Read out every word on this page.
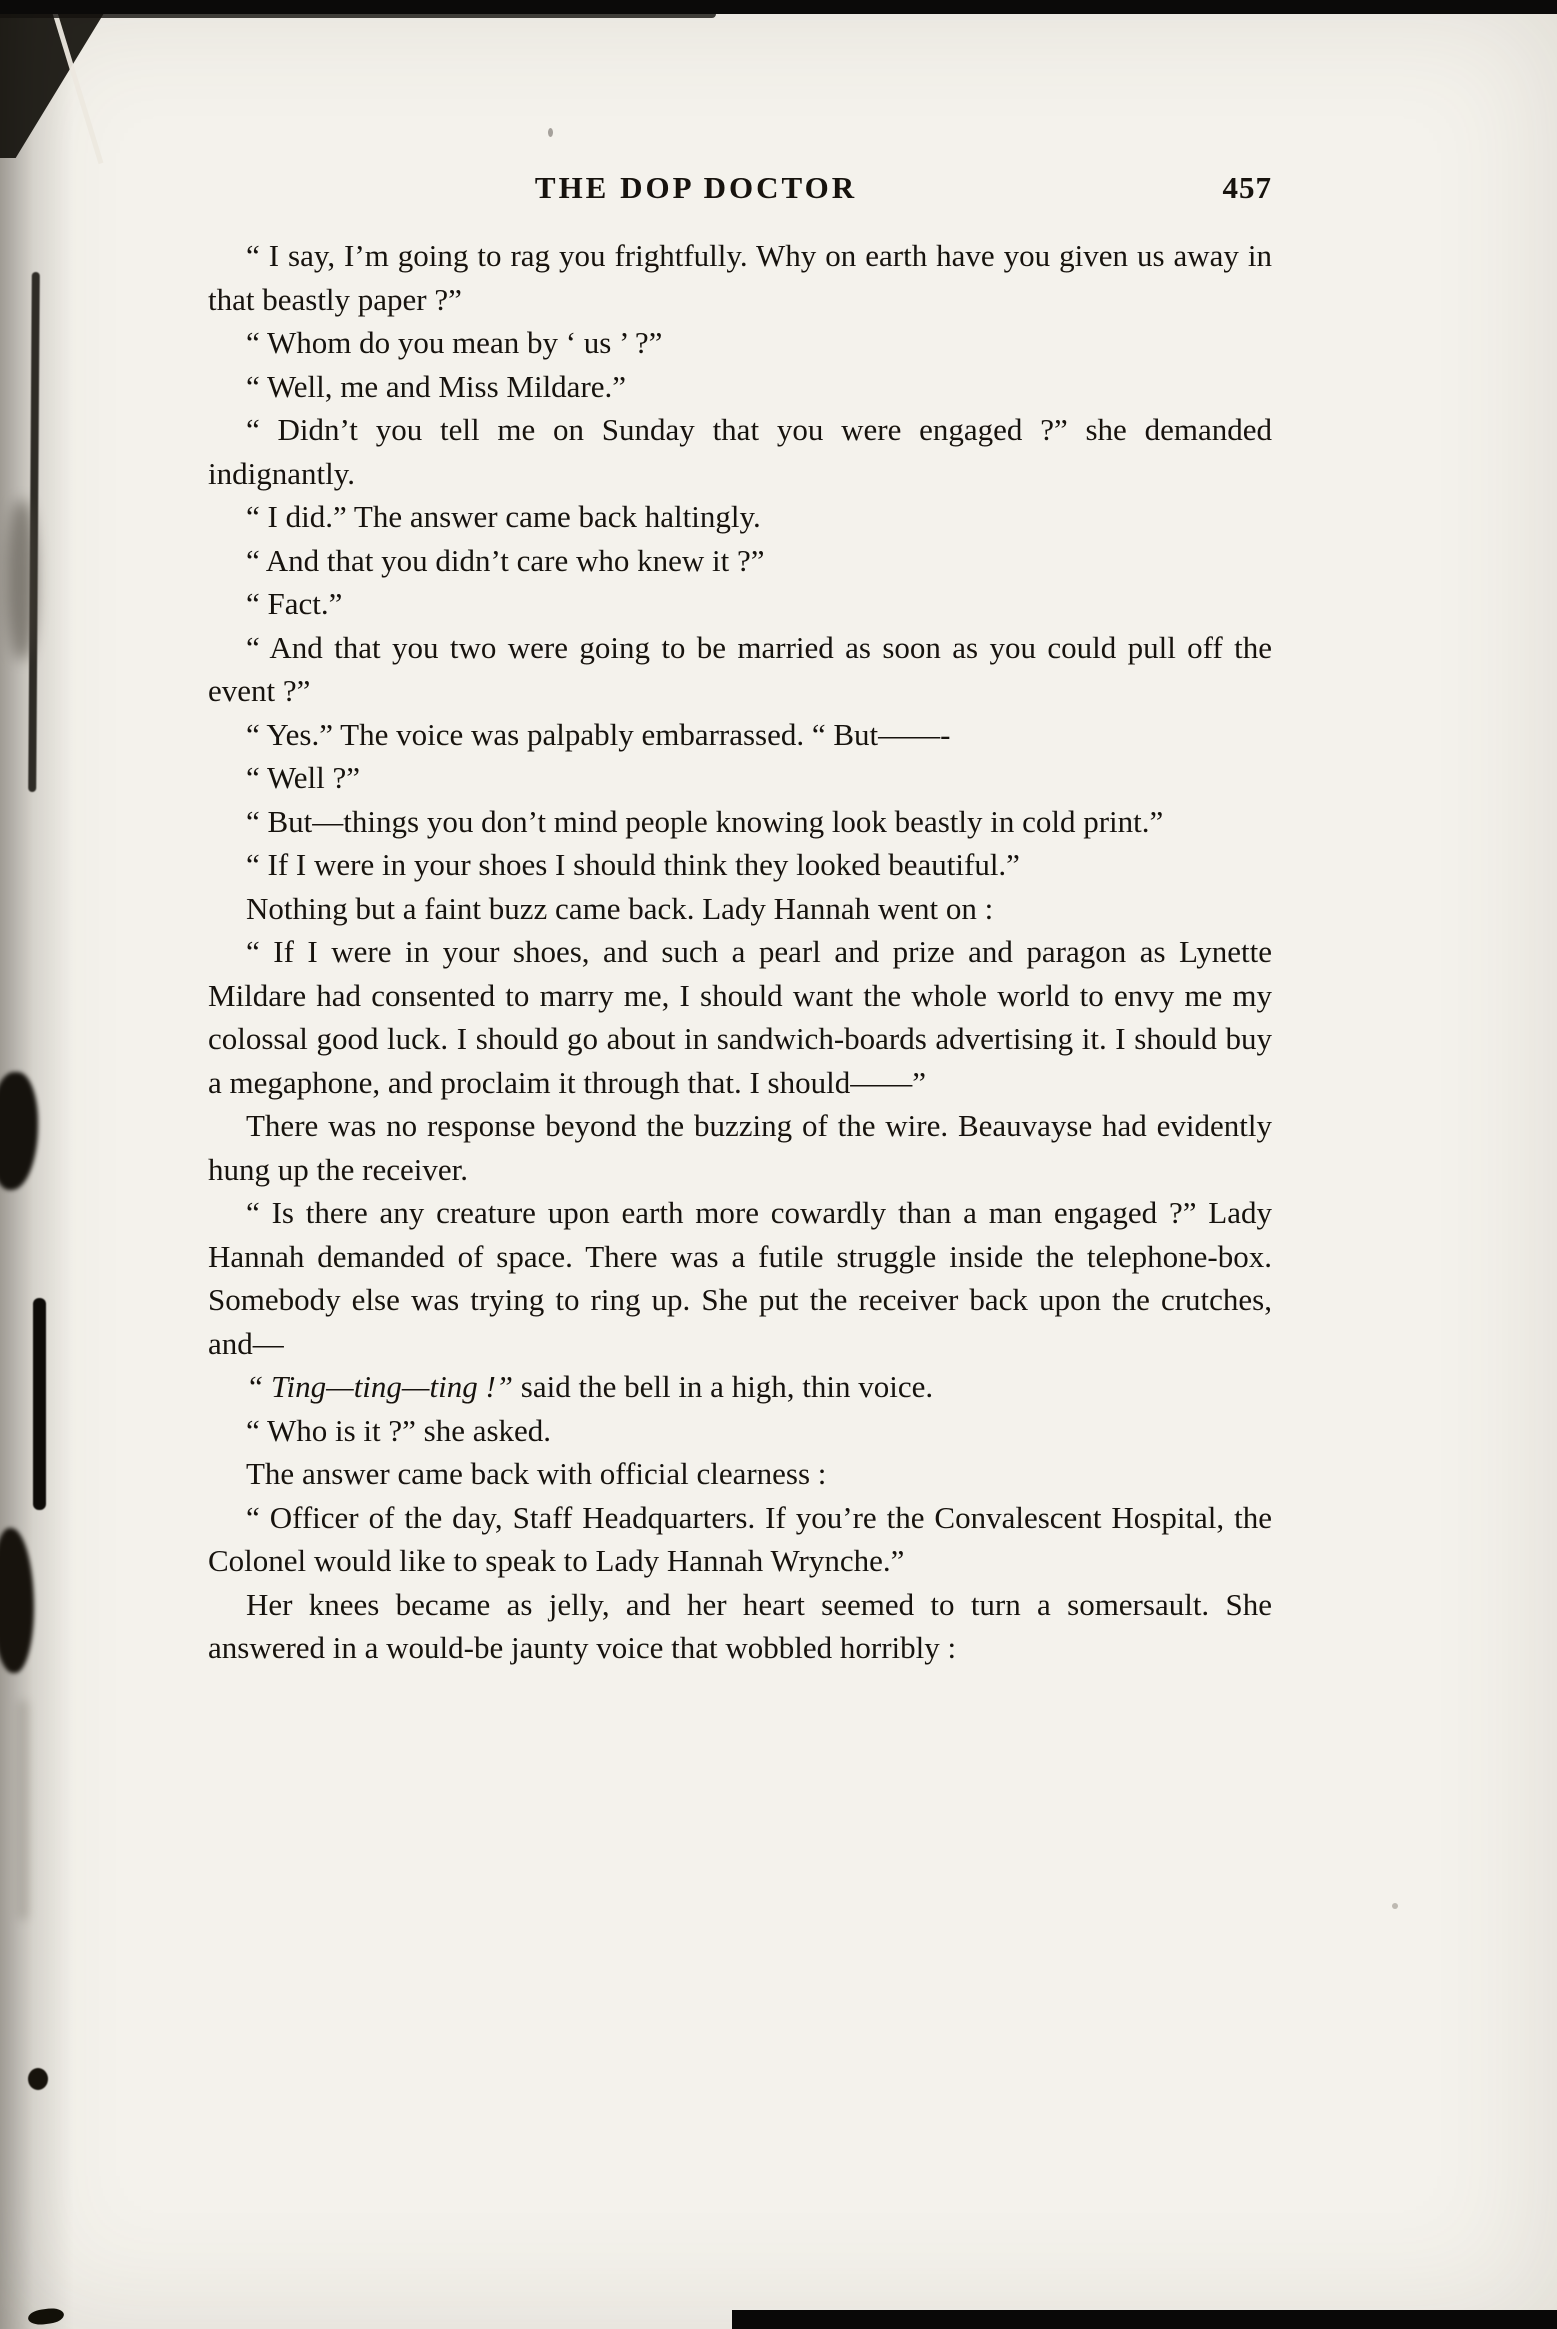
THE DOP DOCTOR	457

“ I say, I’m going to rag you frightfully. Why on earth have you given us away in that beastly paper ?”

“ Whom do you mean by ‘ us ’ ?”

“ Well, me and Miss Mildare.”

“ Didn’t you tell me on Sunday that you were engaged ?” she demanded indignantly.

“ I did.” The answer came back haltingly.

“ And that you didn’t care who knew it ?”

“ Fact.”

“ And that you two were going to be married as soon as you could pull off the event ?”

“ Yes.” The voice was palpably embarrassed. “ But——-

“ Well ?”

“ But—things you don’t mind people knowing look beastly in cold print.”

“ If I were in your shoes I should think they looked beautiful.”

Nothing but a faint buzz came back. Lady Hannah went on :

“ If I were in your shoes, and such a pearl and prize and paragon as Lynette Mildare had consented to marry me, I should want the whole world to envy me my colossal good luck. I should go about in sandwich-boards advertising it. I should buy a megaphone, and proclaim it through that. I should——”

There was no response beyond the buzzing of the wire. Beauvayse had evidently hung up the receiver.

“ Is there any creature upon earth more cowardly than a man engaged ?” Lady Hannah demanded of space. There was a futile struggle inside the telephone-box. Somebody else was trying to ring up. She put the receiver back upon the crutches, and—

“ Ting—ting—ting !” said the bell in a high, thin voice.

“ Who is it ?” she asked.

The answer came back with official clearness :

“ Officer of the day, Staff Headquarters. If you’re the Convalescent Hospital, the Colonel would like to speak to Lady Hannah Wrynche.”

Her knees became as jelly, and her heart seemed to turn a somersault. She answered in a would-be jaunty voice that wobbled horribly :
